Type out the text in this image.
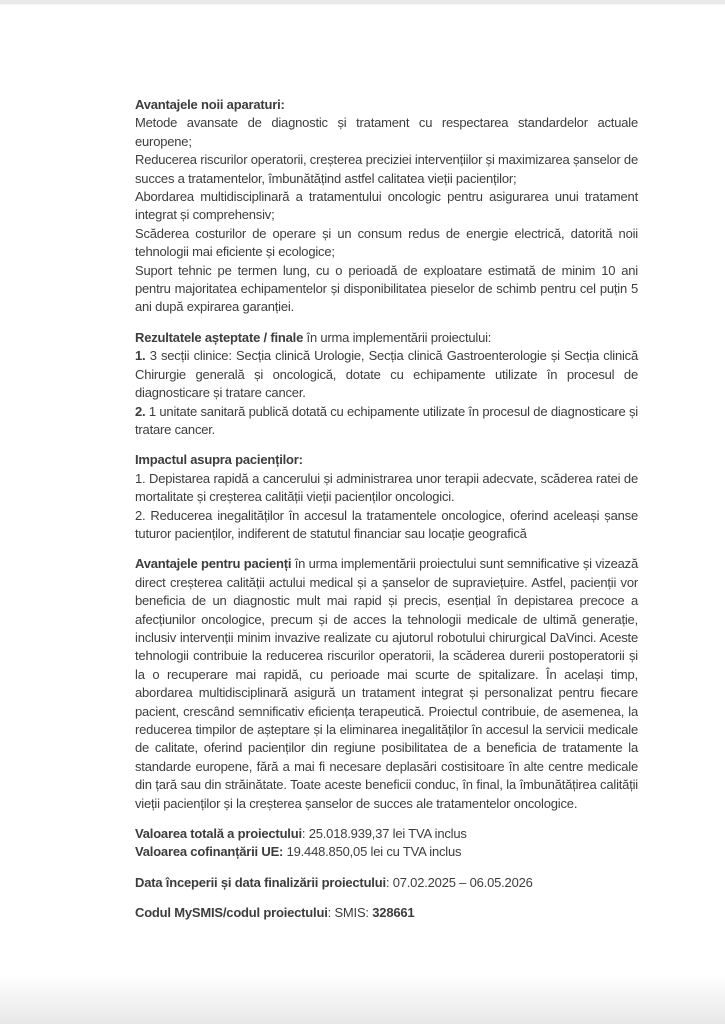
Avantajele noii aparaturi:

Metode avansate de diagnostic și tratament cu respectarea standardelor actuale europene;

Reducerea riscurilor operatorii, creșterea preciziei intervențiilor și maximizarea șanselor de succes a tratamentelor, îmbunătățind astfel calitatea vieții pacienților;

Abordarea multidisciplinară a tratamentului oncologic pentru asigurarea unui tratament integrat și comprehensiv;

Scăderea costurilor de operare și un consum redus de energie electrică, datorită noii tehnologii mai eficiente și ecologice;

Suport tehnic pe termen lung, cu o perioadă de exploatare estimată de minim 10 ani pentru majoritatea echipamentelor și disponibilitatea pieselor de schimb pentru cel puțin 5 ani după expirarea garanției.

Rezultatele așteptate / finale în urma implementării proiectului:

1. 3 secții clinice: Secția clinică Urologie, Secția clinică Gastroenterologie și Secția clinică Chirurgie generală și oncologică, dotate cu echipamente utilizate în procesul de diagnosticare și tratare cancer.

2. 1 unitate sanitară publică dotată cu echipamente utilizate în procesul de diagnosticare și tratare cancer.

Impactul asupra pacienților:

1. Depistarea rapidă a cancerului și administrarea unor terapii adecvate, scăderea ratei de mortalitate și creșterea calității vieții pacienților oncologici.

2. Reducerea inegalităților în accesul la tratamentele oncologice, oferind aceleași șanse tuturor pacienților, indiferent de statutul financiar sau locație geografică

Avantajele pentru pacienți în urma implementării proiectului sunt semnificative și vizează direct creșterea calității actului medical și a șanselor de supraviețuire. Astfel, pacienții vor beneficia de un diagnostic mult mai rapid și precis, esențial în depistarea precoce a afecțiunilor oncologice, precum și de acces la tehnologii medicale de ultimă generație, inclusiv intervenții minim invazive realizate cu ajutorul robotului chirurgical DaVinci. Aceste tehnologii contribuie la reducerea riscurilor operatorii, la scăderea durerii postoperatorii și la o recuperare mai rapidă, cu perioade mai scurte de spitalizare. În același timp, abordarea multidisciplinară asigură un tratament integrat și personalizat pentru fiecare pacient, crescând semnificativ eficiența terapeutică. Proiectul contribuie, de asemenea, la reducerea timpilor de așteptare și la eliminarea inegalităților în accesul la servicii medicale de calitate, oferind pacienților din regiune posibilitatea de a beneficia de tratamente la standarde europene, fără a mai fi necesare deplasări costisitoare în alte centre medicale din țară sau din străinătate. Toate aceste beneficii conduc, în final, la îmbunătățirea calității vieții pacienților și la creșterea șanselor de succes ale tratamentelor oncologice.

Valoarea totală a proiectului: 25.018.939,37 lei TVA inclus

Valoarea cofinanțării UE: 19.448.850,05 lei cu TVA inclus

Data începerii și data finalizării proiectului: 07.02.2025 – 06.05.2026

Codul MySMIS/codul proiectului: SMIS: 328661
